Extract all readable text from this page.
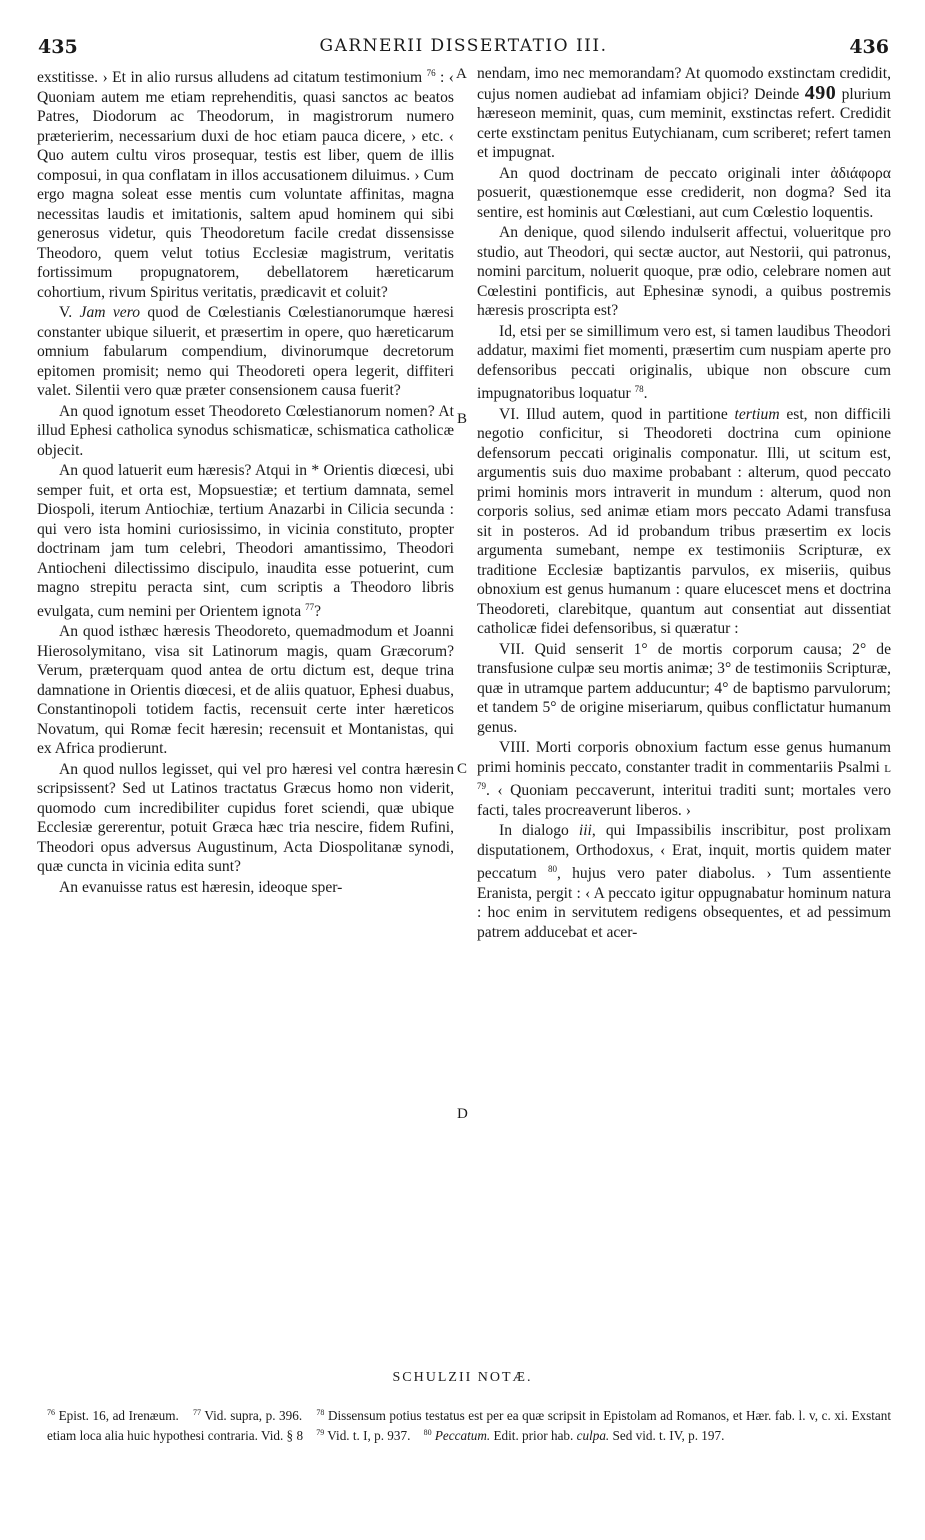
435	GARNERII DISSERTATIO III.	436

exstitisse. › Et in alio rursus alludens ad citatum testimonium $^{76}$ : ‹ Quoniam autem me etiam reprehenditis, quasi sanctos ac beatos Patres, Diodorum ac Theodorum, in magistrorum numero præterierim, necessarium duxi de hoc etiam pauca dicere, › etc. ‹ Quo autem cultu viros prosequar, testis est liber, quem de illis composui, in qua conflatam in illos accusationem diluimus. › Cum ergo magna soleat esse mentis cum voluntate affinitas, magna necessitas laudis et imitationis, saltem apud hominem qui sibi generosus videtur, quis Theodoretum facile credat dissensisse Theodoro, quem velut totius Ecclesiæ magistrum, veritatis fortissimum propugnatorem, debellatorem hæreticarum cohortium, rivum Spiritus veritatis, prædicavit et coluit?

V. Jam vero quod de Cœlestianis Cœlestianorumque hæresi constanter ubique siluerit, et præsertim in opere, quo hæreticarum omnium fabularum compendium, divinorumque decretorum epitomen promisit; nemo qui Theodoreti opera legerit, diffiteri valet. Silentii vero quæ præter consensionem causa fuerit?

An quod ignotum esset Theodoreto Cœlestianorum nomen? At illud Ephesi catholica synodus schismaticæ, schismatica catholicæ objecit.

An quod latuerit eum hæresis? Atqui in * Orientis diœcesi, ubi semper fuit, et orta est, Mopsuestiæ; et tertium damnata, semel Diospoli, iterum Antiochiæ, tertium Anazarbi in Cilicia secunda : qui vero ista homini curiosissimo, in vicinia constituto, propter doctrinam jam tum celebri, Theodori amantissimo, Theodori Antiocheni dilectissimo discipulo, inaudita esse potuerint, cum magno strepitu peracta sint, cum scriptis a Theodoro libris evulgata, cum nemini per Orientem ignota $^{77}$?

An quod isthæc hæresis Theodoreto, quemadmodum et Joanni Hierosolymitano, visa sit Latinorum magis, quam Græcorum? Verum, præterquam quod antea de ortu dictum est, deque trina damnatione in Orientis diœcesi, et de aliis quatuor, Ephesi duabus, Constantinopoli totidem factis, recensuit certe inter hæreticos Novatum, qui Romæ fecit hæresin; recensuit et Montanistas, qui ex Africa prodierunt.

An quod nullos legisset, qui vel pro hæresi vel contra hæresin scripsissent? Sed ut Latinos tractatus Græcus homo non viderit, quomodo cum incredibiliter cupidus foret sciendi, quæ ubique Ecclesiæ gererentur, potuit Græca hæc tria nescire, fidem Rufini, Theodori opus adversus Augustinum, Acta Diospolitanæ synodi, quæ cuncta in vicinia edita sunt?

An evanuisse ratus est hæresin, ideoque sper-

A
B
C
D

nendam, imo nec memorandam? At quomodo exstinctam credidit, cujus nomen audiebat ad infamiam objici? Deinde 490 plurium hæreseon meminit, quas, cum meminit, exstinctas refert. Credidit certe exstinctam penitus Eutychianam, cum scriberet; refert tamen et impugnat.

An quod doctrinam de peccato originali inter ἀδιάφορα posuerit, quæstionemque esse crediderit, non dogma? Sed ita sentire, est hominis aut Cœlestiani, aut cum Cœlestio loquentis.

An denique, quod silendo indulserit affectui, volueritque pro studio, aut Theodori, qui sectæ auctor, aut Nestorii, qui patronus, nomini parcitum, noluerit quoque, præ odio, celebrare nomen aut Cœlestini pontificis, aut Ephesinæ synodi, a quibus postremis hæresis proscripta est?

Id, etsi per se simillimum vero est, si tamen laudibus Theodori addatur, maximi fiet momenti, præsertim cum nuspiam aperte pro defensoribus peccati originalis, ubique non obscure cum impugnatoribus loquatur $^{78}$.

VI. Illud autem, quod in partitione tertium est, non difficili negotio conficitur, si Theodoreti doctrina cum opinione defensorum peccati originalis componatur. Illi, ut scitum est, argumentis suis duo maxime probabant : alterum, quod peccato primi hominis mors intraverit in mundum : alterum, quod non corporis solius, sed animæ etiam mors peccato Adami transfusa sit in posteros. Ad id probandum tribus præsertim ex locis argumenta sumebant, nempe ex testimoniis Scripturæ, ex traditione Ecclesiæ baptizantis parvulos, ex miseriis, quibus obnoxium est genus humanum : quare elucescet mens et doctrina Theodoreti, clarebitque, quantum aut consentiat aut dissentiat catholicæ fidei defensoribus, si quæratur :

VII. Quid senserit 1° de mortis corporum causa; 2° de transfusione culpæ seu mortis animæ; 3° de testimoniis Scripturæ, quæ in utramque partem adducuntur; 4° de baptismo parvulorum; et tandem 5° de origine miseriarum, quibus conflictatur humanum genus.

VIII. Morti corporis obnoxium factum esse genus humanum primi hominis peccato, constanter tradit in commentariis Psalmi l $^{79}$. ‹ Quoniam peccaverunt, interitui traditi sunt; mortales vero facti, tales procreaverunt liberos. ›

In dialogo iii, qui Impassibilis inscribitur, post prolixam disputationem, Orthodoxus, ‹ Erat, inquit, mortis quidem mater peccatum $^{80}$, hujus vero pater diabolus. › Tum assentiente Eranista, pergit : ‹ A peccato igitur oppugnabatur hominum natura : hoc enim in servitutem redigens obsequentes, et ad pessimum patrem adducebat et acer-

SCHULZII NOTÆ.

$^{76}$ Epist. 16, ad Irenæum. $^{77}$ Vid. supra, p. 396. $^{78}$ Dissensum potius testatus est per ea quæ scripsit in Epistolam ad Romanos, et Hær. fab. l. v, c. xi. Exstant etiam loca alia huic hypothesi contraria. Vid. § 8 $^{79}$ Vid. t. I, p. 937. $^{80}$ Peccatum. Edit. prior hab. culpa. Sed vid. t. IV, p. 197.
